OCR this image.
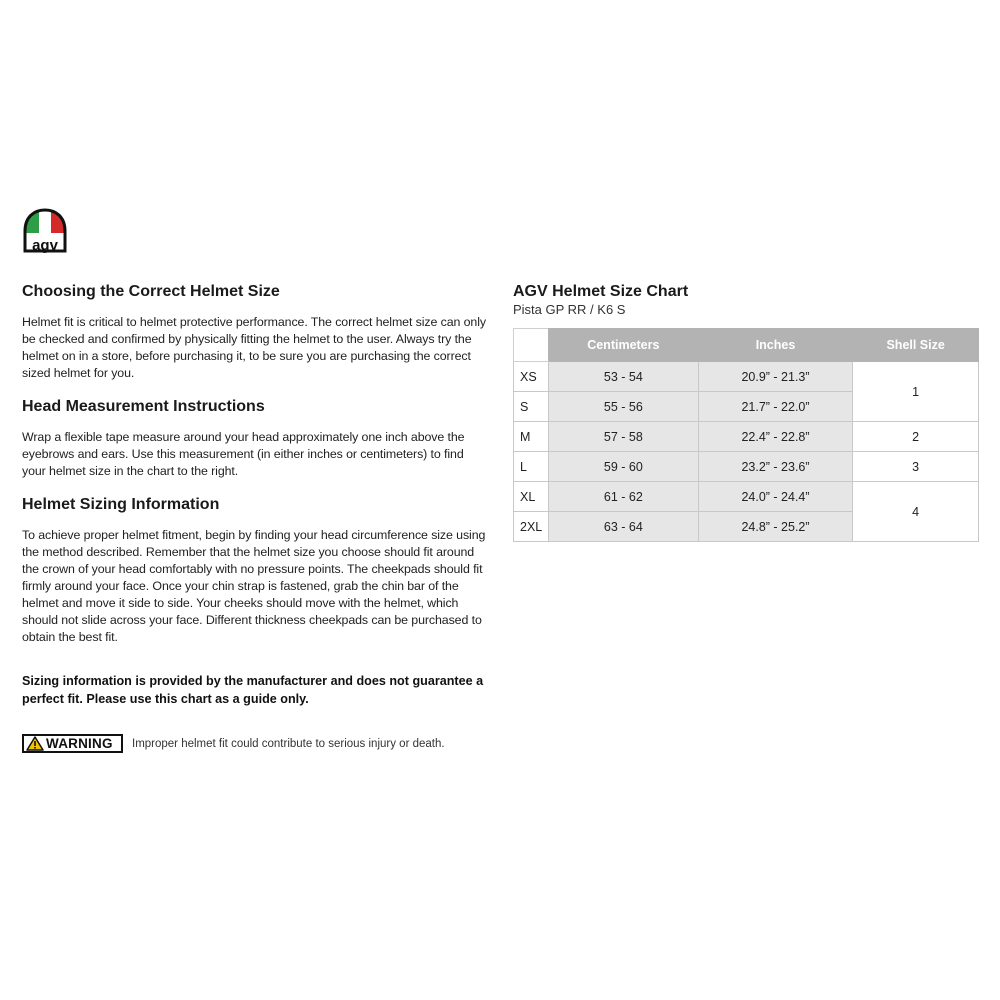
agv
Choosing the Correct Helmet Size

Helmet fit is critical to helmet protective performance. The correct helmet size can only be checked and confirmed by physically fitting the helmet to the user. Always try the helmet on in a store, before purchasing it, to be sure you are purchasing the correct sized helmet for you.

Head Measurement Instructions

Wrap a flexible tape measure around your head approximately one inch above the eyebrows and ears. Use this measurement (in either inches or centimeters) to find your helmet size in the chart to the right.

Helmet Sizing Information

To achieve proper helmet fitment, begin by finding your head circumference size using the method described. Remember that the helmet size you choose should fit around the crown of your head comfortably with no pressure points. The cheekpads should fit firmly around your face. Once your chin strap is fastened, grab the chin bar of the helmet and move it side to side. Your cheeks should move with the helmet, which should not slide across your face. Different thickness cheekpads can be purchased to obtain the best fit.

Sizing information is provided by the manufacturer and does not guarantee a perfect fit. Please use this chart as a guide only.

WARNING Improper helmet fit could contribute to serious injury or death.
AGV Helmet Size Chart

Pista GP RR / K6 S

	Centimeters	Inches	Shell Size
XS	53 - 54	20.9” - 21.3”	1
S	55 - 56	21.7” - 22.0”	
M	57 - 58	22.4” - 22.8”	2
L	59 - 60	23.2” - 23.6”	3
XL	61 - 62	24.0” - 24.4”	4
2XL	63 - 64	24.8” - 25.2”	
